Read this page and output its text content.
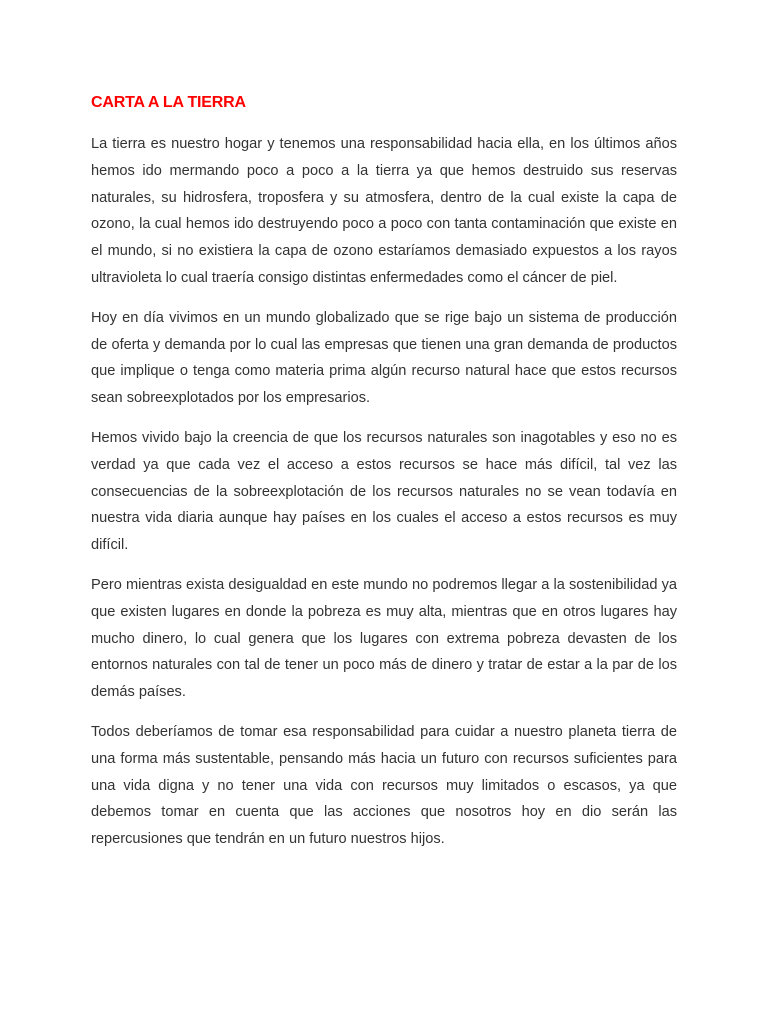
CARTA A LA TIERRA

La tierra es nuestro hogar y tenemos una responsabilidad hacia ella, en los últimos años hemos ido mermando poco a poco a la tierra ya que hemos destruido sus reservas naturales, su hidrosfera, troposfera y su atmosfera, dentro de la cual existe la capa de ozono, la cual hemos ido destruyendo poco a poco con tanta contaminación que existe en el mundo, si no existiera la capa de ozono estaríamos demasiado expuestos a los rayos ultravioleta lo cual traería consigo distintas enfermedades como el cáncer de piel.

Hoy en día vivimos en un mundo globalizado que se rige bajo un sistema de producción de oferta y demanda por lo cual las empresas que tienen una gran demanda de productos que implique o tenga como materia prima algún recurso natural hace que estos recursos sean sobreexplotados por los empresarios.

Hemos vivido bajo la creencia de que los recursos naturales son inagotables y eso no es verdad ya que cada vez el acceso a estos recursos se hace más difícil, tal vez las consecuencias de la sobreexplotación de los recursos naturales no se vean todavía en nuestra vida diaria aunque hay países en los cuales el acceso a estos recursos es muy difícil.

Pero mientras exista desigualdad en este mundo no podremos llegar a la sostenibilidad ya que existen lugares en donde la pobreza es muy alta, mientras que en otros lugares hay mucho dinero, lo cual genera que los lugares con extrema pobreza devasten de los entornos naturales con tal de tener un poco más de dinero y tratar de estar a la par de los demás países.

Todos deberíamos de tomar esa responsabilidad para cuidar a nuestro planeta tierra de una forma más sustentable, pensando más hacia un futuro con recursos suficientes para una vida digna y no tener una vida con recursos muy limitados o escasos, ya que debemos tomar en cuenta que las acciones que nosotros hoy en dio serán las repercusiones que tendrán en un futuro nuestros hijos.
